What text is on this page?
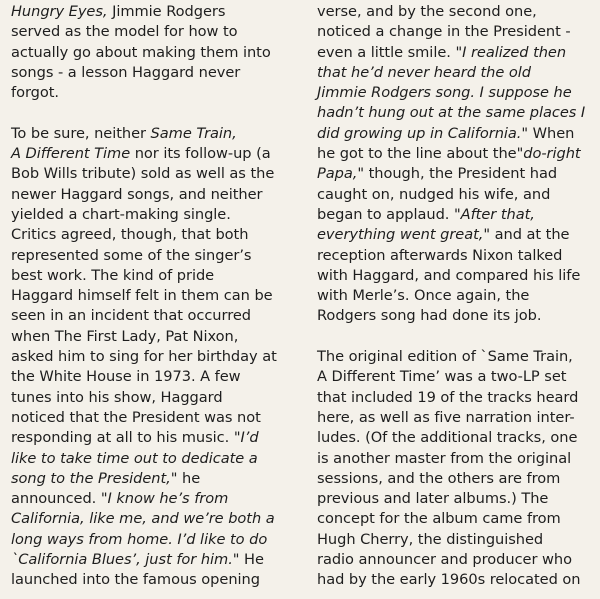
Hungry Eyes, Jimmie Rodgers
served as the model for how to
actually go about making them into
songs - a lesson Haggard never
forgot.

To be sure, neither Same Train,
A Different Time nor its follow-up (a
Bob Wills tribute) sold as well as the
newer Haggard songs, and neither
yielded a chart-making single.
Critics agreed, though, that both
represented some of the singer’s
best work. The kind of pride
Haggard himself felt in them can be
seen in an incident that occurred
when The First Lady, Pat Nixon,
asked him to sing for her birthday at
the White House in 1973. A few
tunes into his show, Haggard
noticed that the President was not
responding at all to his music. "I’d
like to take time out to dedicate a
song to the President," he
announced. "I know he’s from
California, like me, and we’re both a
long ways from home. I’d like to do
`California Blues’, just for him." He
launched into the famous opening

verse, and by the second one,
noticed a change in the President -
even a little smile. "I realized then
that he’d never heard the old
Jimmie Rodgers song. I suppose he
hadn’t hung out at the same places I
did growing up in California." When
he got to the line about the"do-right
Papa," though, the President had
caught on, nudged his wife, and
began to applaud. "After that,
everything went great," and at the
reception afterwards Nixon talked
with Haggard, and compared his life
with Merle’s. Once again, the
Rodgers song had done its job.

The original edition of `Same Train,
A Different Time’ was a two-LP set
that included 19 of the tracks heard
here, as well as five narration inter-
ludes. (Of the additional tracks, one
is another master from the original
sessions, and the others are from
previous and later albums.) The
concept for the album came from
Hugh Cherry, the distinguished
radio announcer and producer who
had by the early 1960s relocated on
